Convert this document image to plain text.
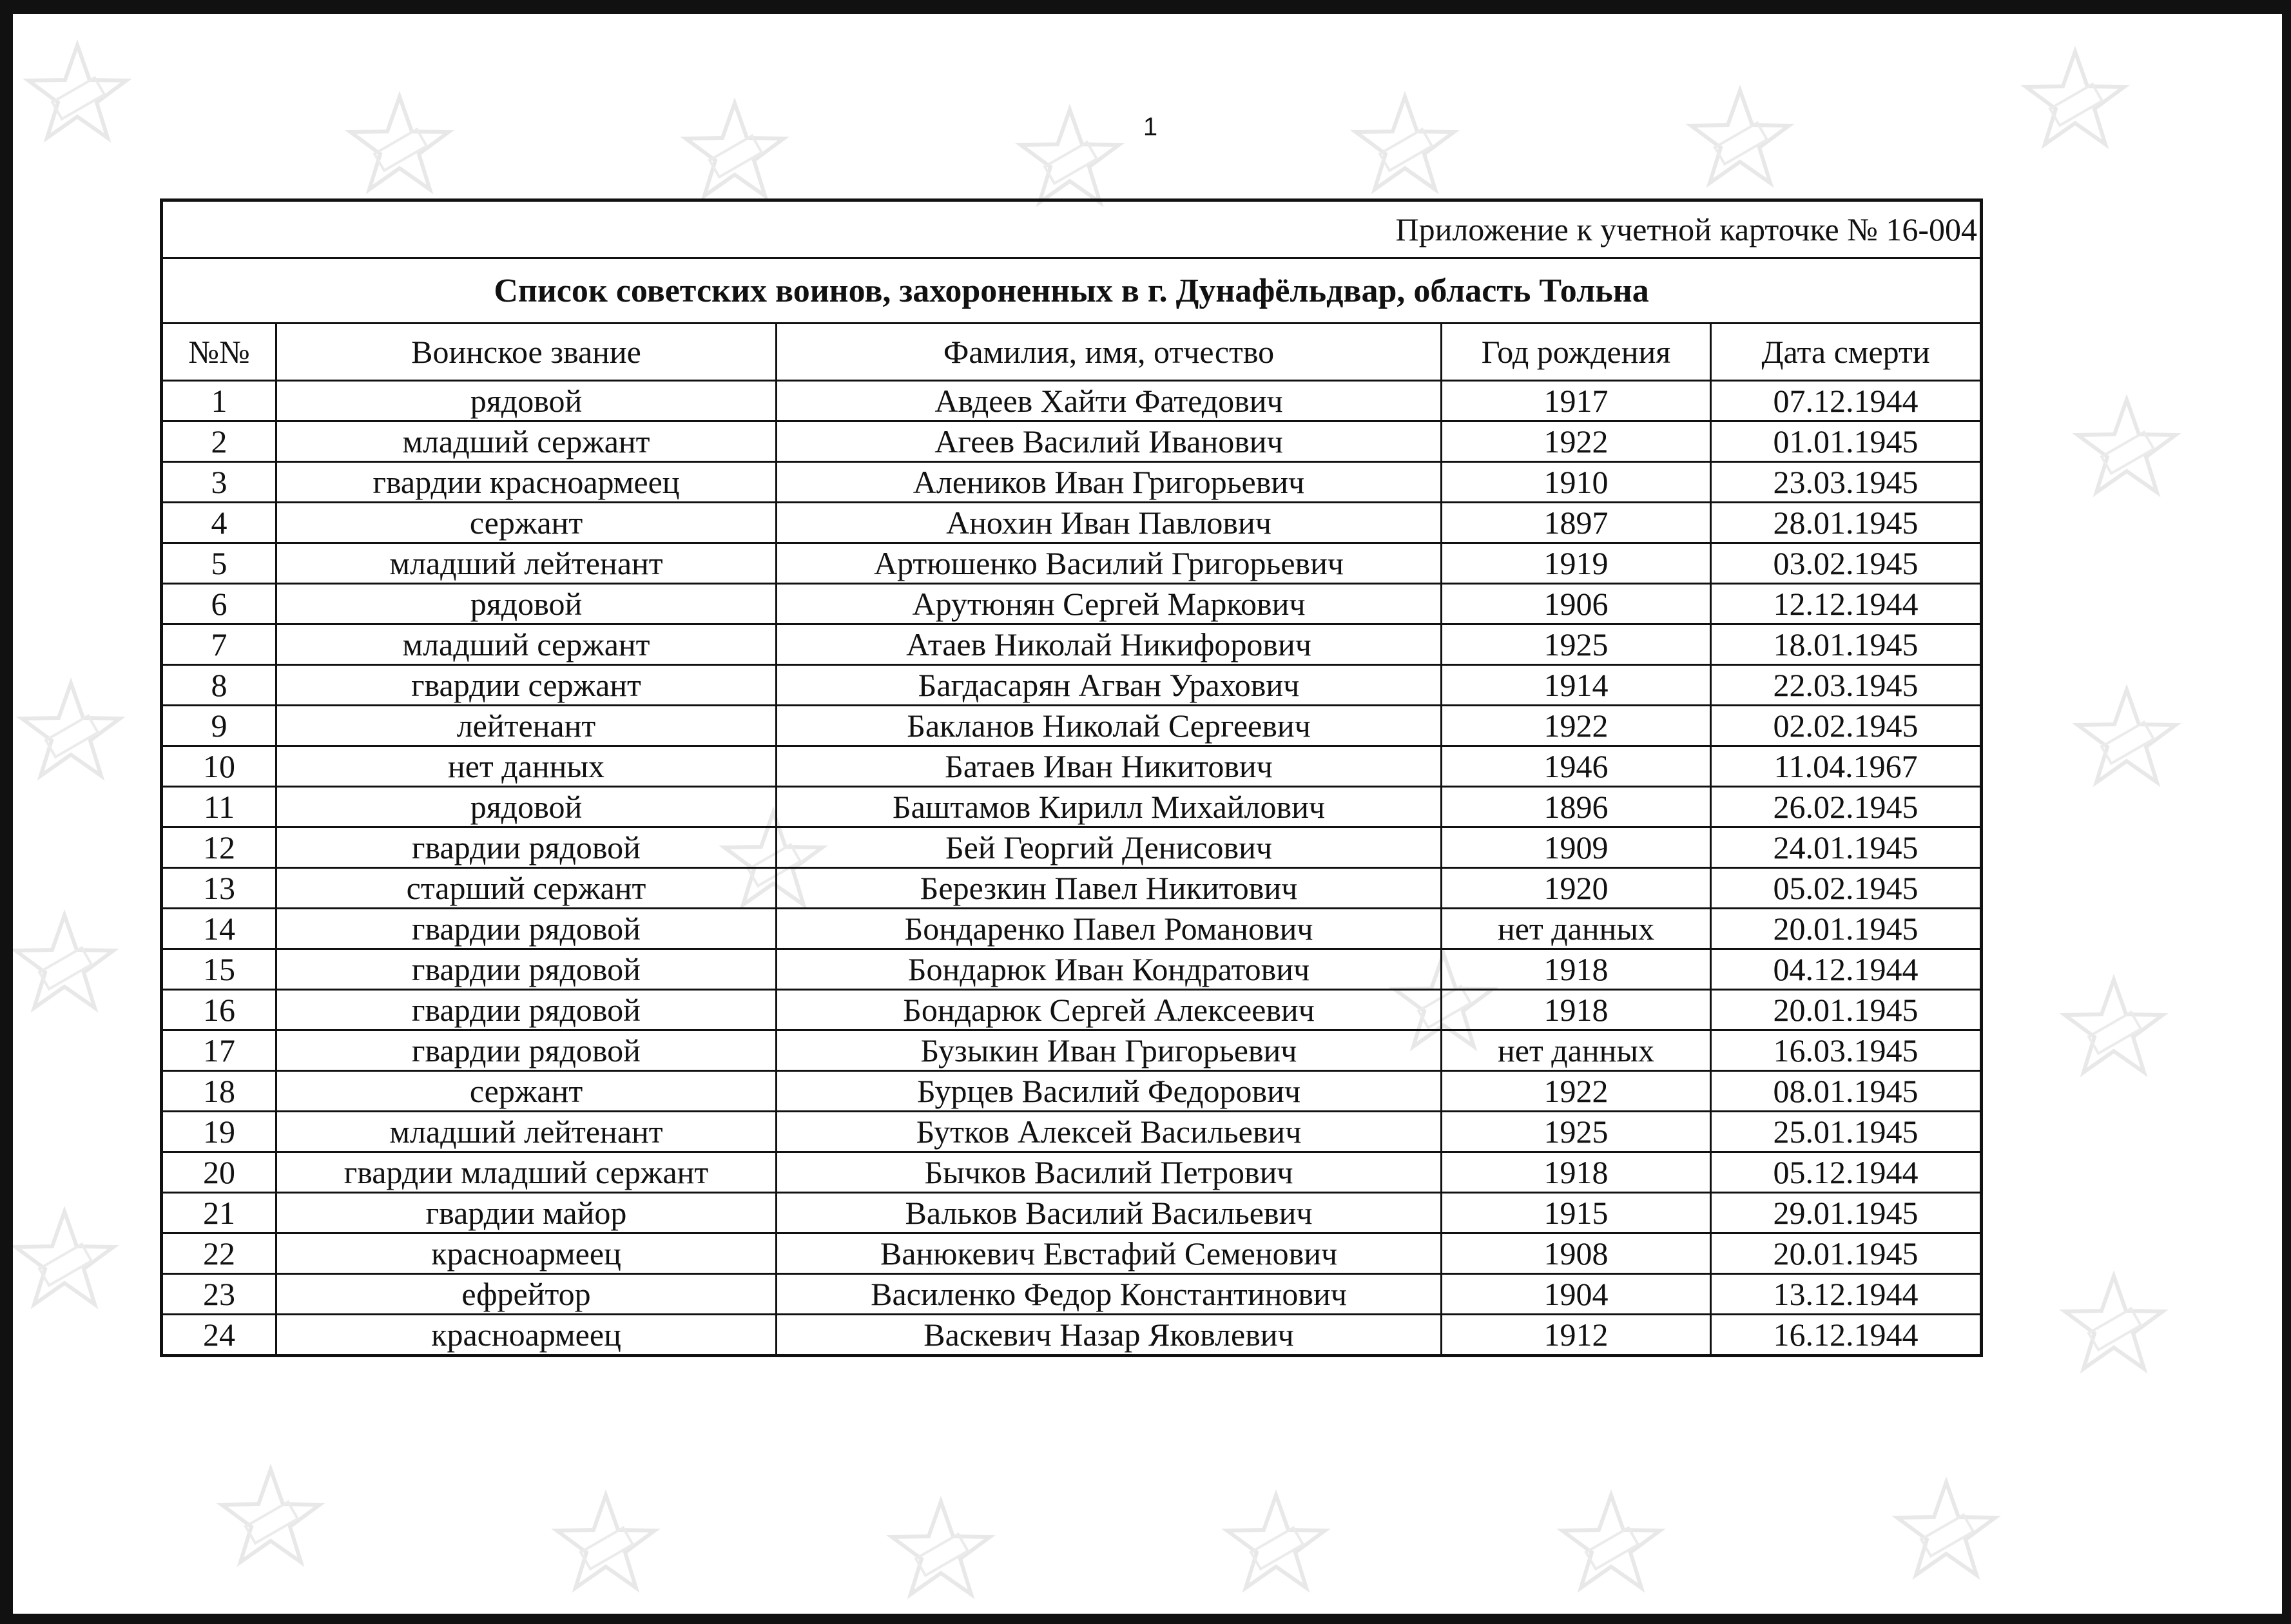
1
Приложение к учетной карточке № 16-004				
Список советских воинов, захороненных в г. Дунафёльдвар, область Тольна				
№№	Воинское звание	Фамилия, имя, отчество	Год рождения	Дата смерти
1	рядовой	Авдеев Хайти Фатедович	1917	07.12.1944
2	младший сержант	Агеев Василий Иванович	1922	01.01.1945
3	гвардии красноармеец	Алеников Иван Григорьевич	1910	23.03.1945
4	сержант	Анохин Иван Павлович	1897	28.01.1945
5	младший лейтенант	Артюшенко Василий Григорьевич	1919	03.02.1945
6	рядовой	Арутюнян Сергей Маркович	1906	12.12.1944
7	младший сержант	Атаев Николай Никифорович	1925	18.01.1945
8	гвардии сержант	Багдасарян Агван Урахович	1914	22.03.1945
9	лейтенант	Бакланов Николай Сергеевич	1922	02.02.1945
10	нет данных	Батаев Иван Никитович	1946	11.04.1967
11	рядовой	Баштамов Кирилл Михайлович	1896	26.02.1945
12	гвардии рядовой	Бей Георгий Денисович	1909	24.01.1945
13	старший сержант	Березкин Павел Никитович	1920	05.02.1945
14	гвардии рядовой	Бондаренко Павел Романович	нет данных	20.01.1945
15	гвардии рядовой	Бондарюк Иван Кондратович	1918	04.12.1944
16	гвардии рядовой	Бондарюк Сергей Алексеевич	1918	20.01.1945
17	гвардии рядовой	Бузыкин Иван Григорьевич	нет данных	16.03.1945
18	сержант	Бурцев Василий Федорович	1922	08.01.1945
19	младший лейтенант	Бутков Алексей Васильевич	1925	25.01.1945
20	гвардии младший сержант	Бычков Василий Петрович	1918	05.12.1944
21	гвардии майор	Вальков Василий Васильевич	1915	29.01.1945
22	красноармеец	Ванюкевич Евстафий Семенович	1908	20.01.1945
23	ефрейтор	Василенко Федор Константинович	1904	13.12.1944
24	красноармеец	Васкевич Назар Яковлевич	1912	16.12.1944
